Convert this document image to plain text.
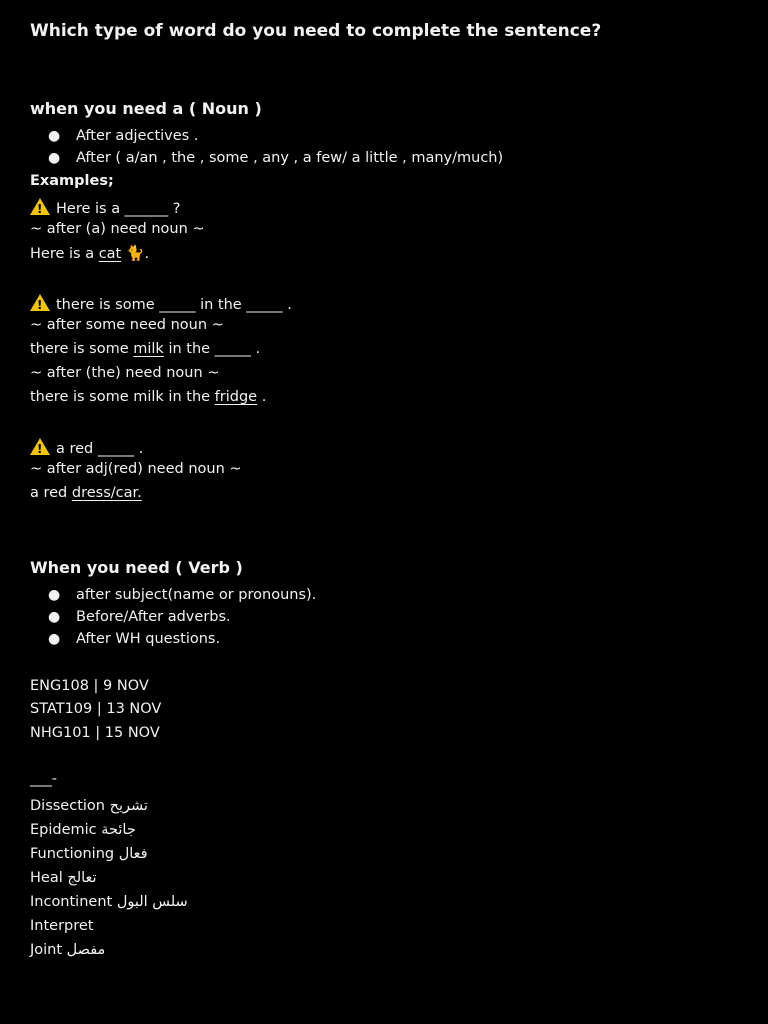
Which type of word do you need to complete the sentence?
when you need a ( Noun )
● After adjectives .
● After ( a/an , the , some , any , a few/ a little , many/much)
Examples;
!Here is a ______ ?
~ after (a) need noun ~
Here is a cat 🐈.
!there is some _____ in the _____ .
~ after some need noun ~
there is some milk in the _____ .
~ after (the) need noun ~
there is some milk in the fridge .
!a red _____ .
~ after adj(red) need noun ~
a red dress/car.
When you need ( Verb )
● after subject(name or pronouns).
● Before/After adverbs.
● After WH questions.
ENG108 | 9 NOV
STAT109 | 13 NOV
NHG101 | 15 NOV
___-
Dissection تشريح
Epidemic جائحة
Functioning فعال
Heal تعالج
Incontinent سلس البول
Interpret
Joint مفصل
